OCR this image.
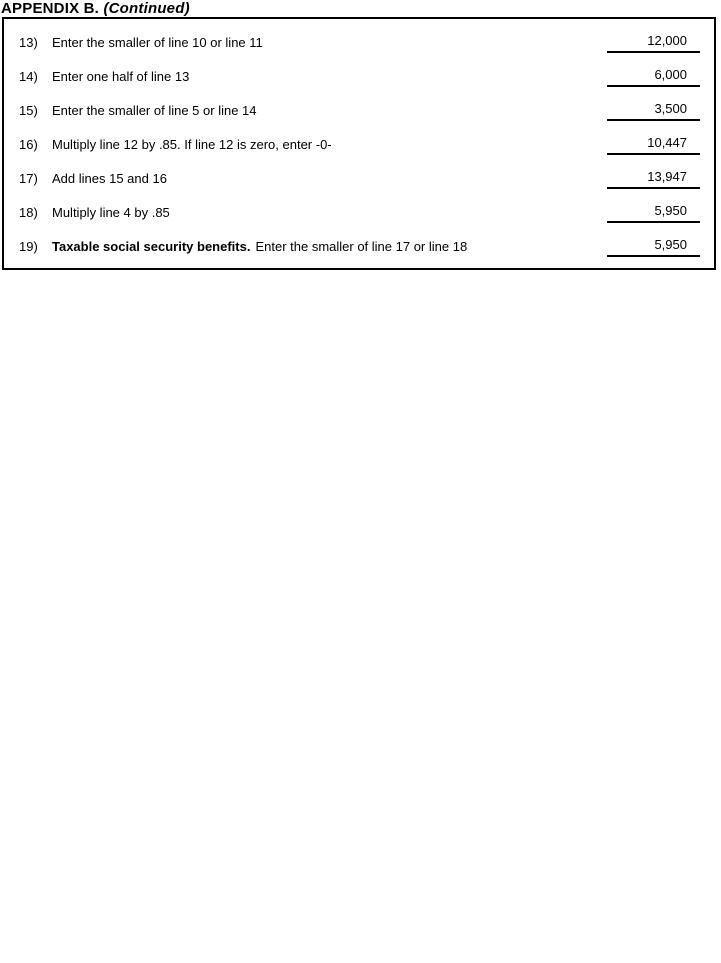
APPENDIX B. (Continued)
13)	Enter the smaller of line 10 or line 11	12,000
14)	Enter one half of line 13	6,000
15)	Enter the smaller of line 5 or line 14	3,500
16)	Multiply line 12 by .85. If line 12 is zero, enter -0-	10,447
17)	Add lines 15 and 16	13,947
18)	Multiply line 4 by .85	5,950
19)	Taxable social security benefits. Enter the smaller of line 17 or line 18	5,950
